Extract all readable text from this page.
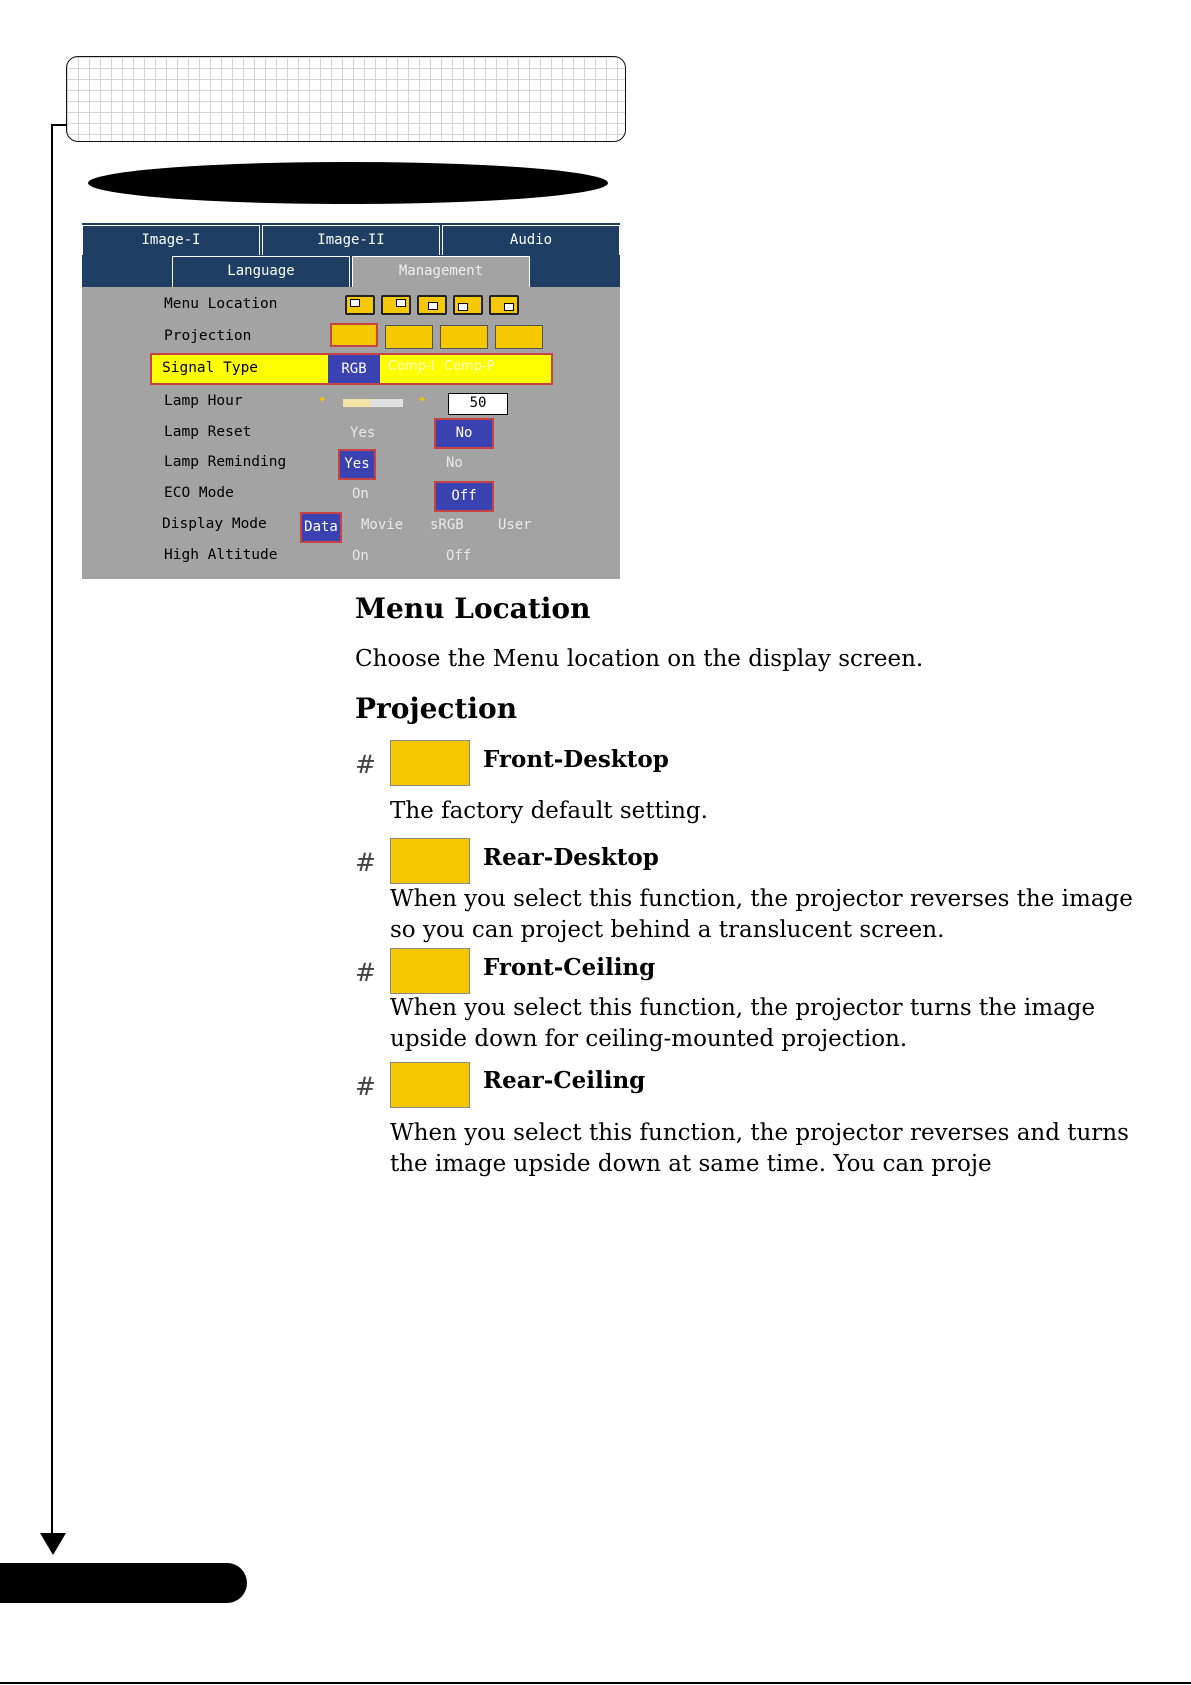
Image-I	Image-II	Audio
Language	Management
Menu Location
Projection
Signal Type	RGB	Comp-I Comp-P
Lamp Hour	✦	✦	50
Lamp Reset	Yes	No
Lamp Reminding	Yes	No
ECO Mode	On	Off
Display Mode	Data Movie sRGB User
High Altitude	On	Off
Menu Location
Choose the Menu location on the display screen.
Projection
#	Front-Desktop
The factory default setting.
#	Rear-Desktop
When you select this function, the projector reverses the image
so you can project behind a translucent screen.
#	Front-Ceiling
When you select this function, the projector turns the image
upside down for ceiling-mounted projection.
#	Rear-Ceiling
When you select this function, the projector reverses and turns
the image upside down at same time. You can proje
